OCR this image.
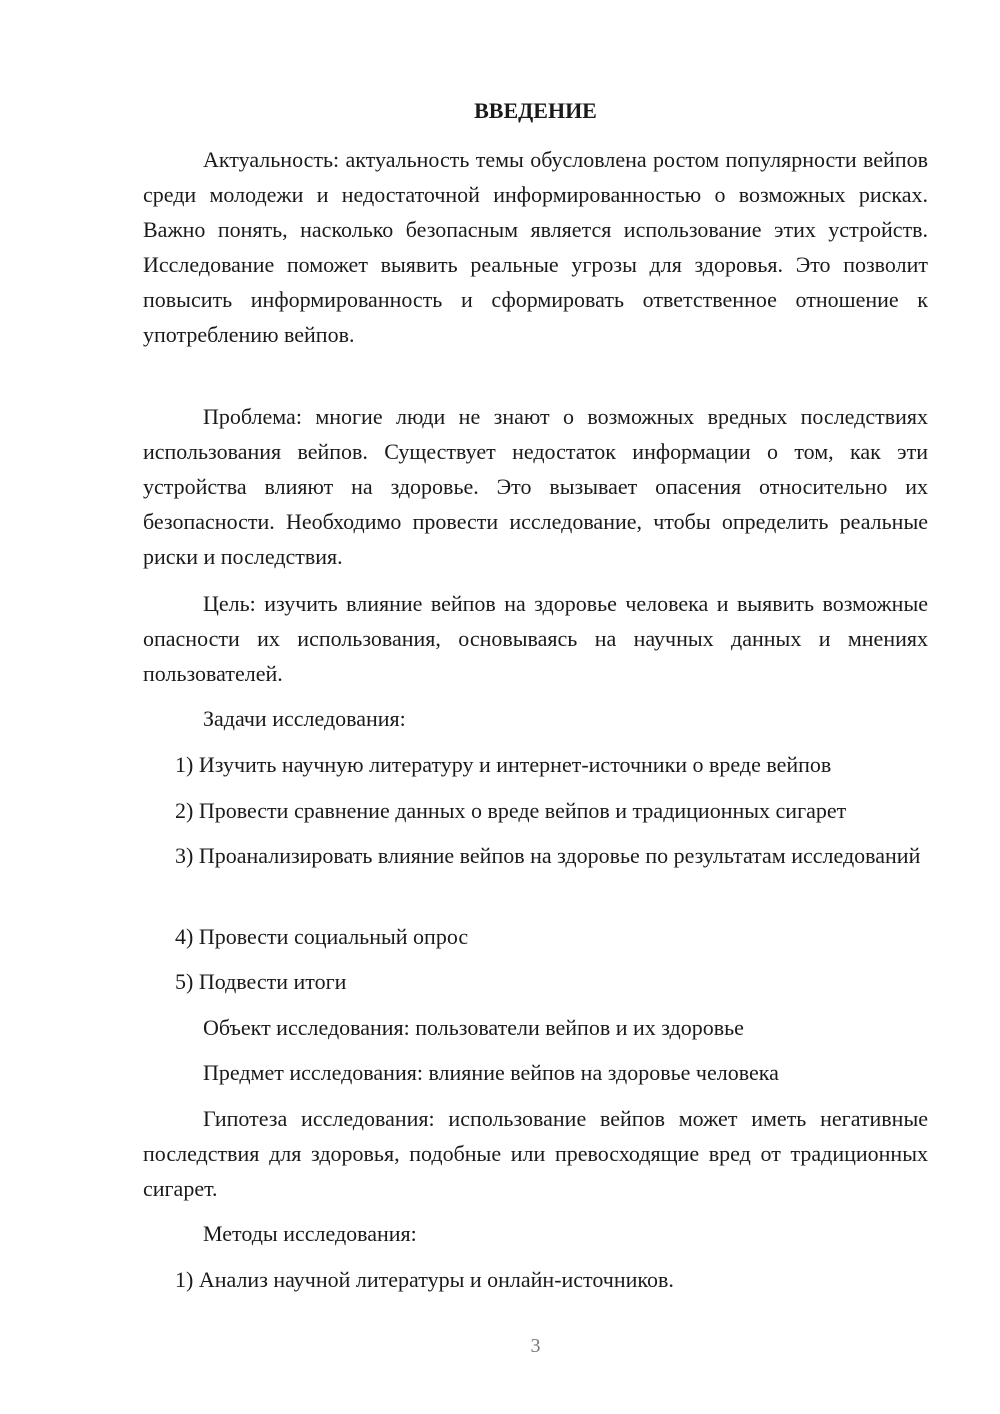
ВВЕДЕНИЕ

Актуальность: актуальность темы обусловлена ростом популярности вейпов среди молодежи и недостаточной информированностью о возможных рисках. Важно понять, насколько безопасным является использование этих устройств. Исследование поможет выявить реальные угрозы для здоровья. Это позволит повысить информированность и сформировать ответственное отношение к употреблению вейпов.

Проблема: многие люди не знают о возможных вредных последствиях использования вейпов. Существует недостаток информации о том, как эти устройства влияют на здоровье. Это вызывает опасения относительно их безопасности. Необходимо провести исследование, чтобы определить реальные риски и последствия.

Цель: изучить влияние вейпов на здоровье человека и выявить возможные опасности их использования, основываясь на научных данных и мнениях пользователей.

Задачи исследования:

1) Изучить научную литературу и интернет-источники о вреде вейпов

2) Провести сравнение данных о вреде вейпов и традиционных сигарет

3) Проанализировать влияние вейпов на здоровье по результатам исследований

4) Провести социальный опрос

5) Подвести итоги

Объект исследования: пользователи вейпов и их здоровье

Предмет исследования: влияние вейпов на здоровье человека

Гипотеза исследования: использование вейпов может иметь негативные последствия для здоровья, подобные или превосходящие вред от традиционных сигарет.

Методы исследования:

1) Анализ научной литературы и онлайн-источников.

3
